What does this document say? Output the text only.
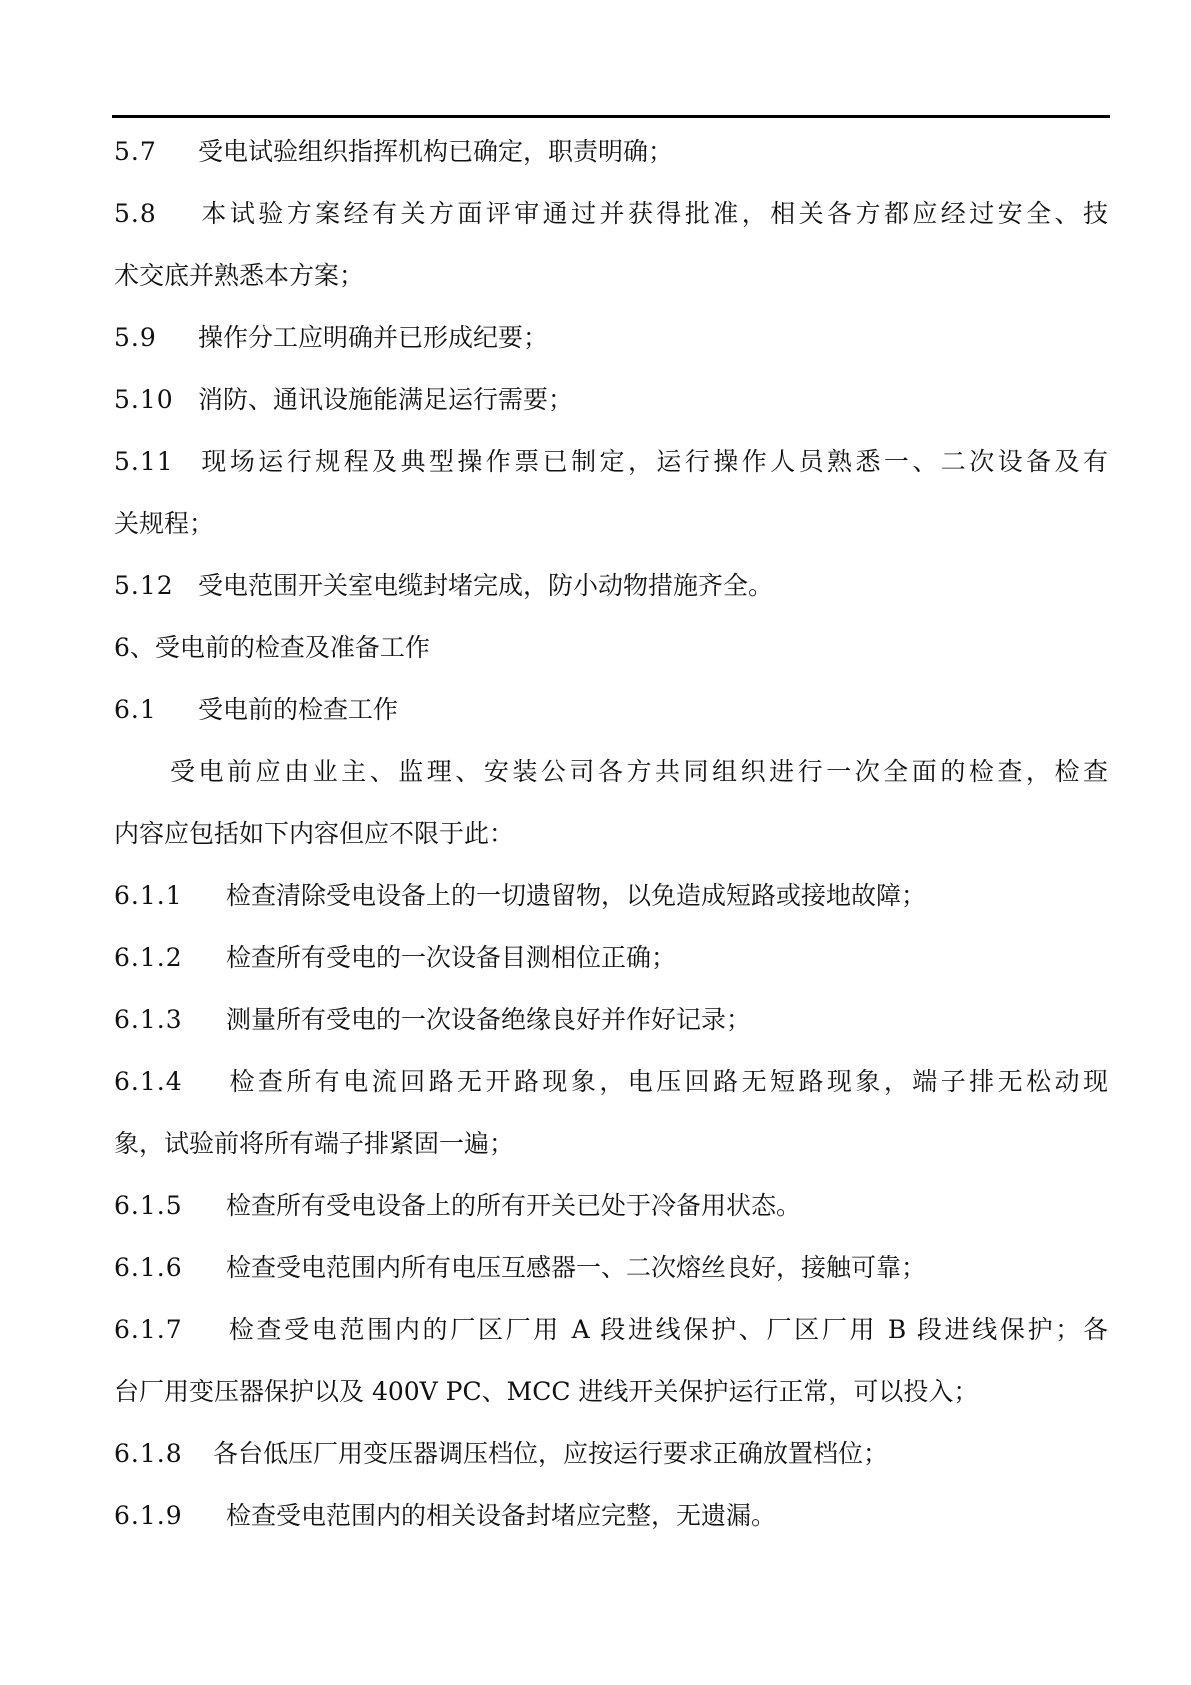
5.7 受电试验组织指挥机构已确定，职责明确；
5.8 本试验方案经有关方面评审通过并获得批准，相关各方都应经过安全、技
术交底并熟悉本方案；
5.9 操作分工应明确并已形成纪要；
5.10 消防、通讯设施能满足运行需要；
5.11 现场运行规程及典型操作票已制定，运行操作人员熟悉一、二次设备及有
关规程；
5.12 受电范围开关室电缆封堵完成，防小动物措施齐全。
6、受电前的检查及准备工作
6.1 受电前的检查工作
受电前应由业主、监理、安装公司各方共同组织进行一次全面的检查，检查
内容应包括如下内容但应不限于此：
6.1.1 检查清除受电设备上的一切遗留物，以免造成短路或接地故障；
6.1.2 检查所有受电的一次设备目测相位正确；
6.1.3 测量所有受电的一次设备绝缘良好并作好记录；
6.1.4 检查所有电流回路无开路现象，电压回路无短路现象，端子排无松动现
象，试验前将所有端子排紧固一遍；
6.1.5 检查所有受电设备上的所有开关已处于冷备用状态。
6.1.6 检查受电范围内所有电压互感器一、二次熔丝良好，接触可靠；
6.1.7 检查受电范围内的厂区厂用 A 段进线保护、厂区厂用 B 段进线保护；各
台厂用变压器保护以及 400V PC、MCC 进线开关保护运行正常，可以投入；
6.1.8 各台低压厂用变压器调压档位，应按运行要求正确放置档位；
6.1.9 检查受电范围内的相关设备封堵应完整，无遗漏。
